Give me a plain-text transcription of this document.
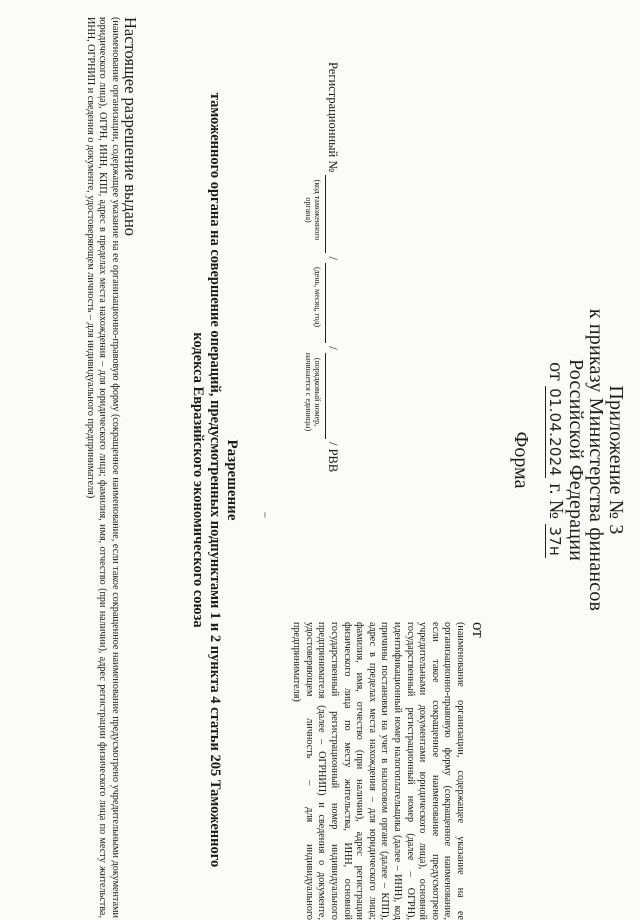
Приложение № 3
к приказу Министерства финансов
Российской Федерации
от 01.04.2024 г. № 37н
Форма
от
(наименование организации, содержащее указание на ее организационно-правовую форму (сокращенное наименование, если такое сокращенное наименование предусмотрено учредительными документами юридического лица), основной государственный регистрационный номер (далее – ОГРН), идентификационный номер налогоплательщика (далее – ИНН), код причины постановки на учет в налоговом органе (далее – КПП), адрес в пределах места нахождения – для юридического лица; фамилия, имя, отчество (при наличии), адрес регистрации физического лица по месту жительства, ИНН, основной государственный регистрационный номер индивидуального предпринимателя (далее – ОГРНИП) и сведения о документе, удостоверяющем личность – для индивидуального предпринимателя)
Регистрационный №  /  /  / РВВ
(код таможенного органа)
(день, месяц, год)
(порядковый номер, начинается с единицы)
Разрешение
таможенного органа на совершение операций, предусмотренных подпунктами 1 и 2 пункта 4 статьи 205 Таможенного
кодекса Евразийского экономического союза
Настоящее разрешение выдано
(наименование организации, содержащее указание на ее организационно-правовую форму (сокращенное наименование, если такое сокращенное наименование предусмотрено учредительными документами юридического лица), ОГРН, ИНН, КПП, адрес в пределах места нахождения – для юридического лица; фамилия, имя, отчество (при наличии), адрес регистрации физического лица по месту жительства, ИНН, ОГРНИП и сведения о документе, удостоверяющем личность – для индивидуального предпринимателя)
